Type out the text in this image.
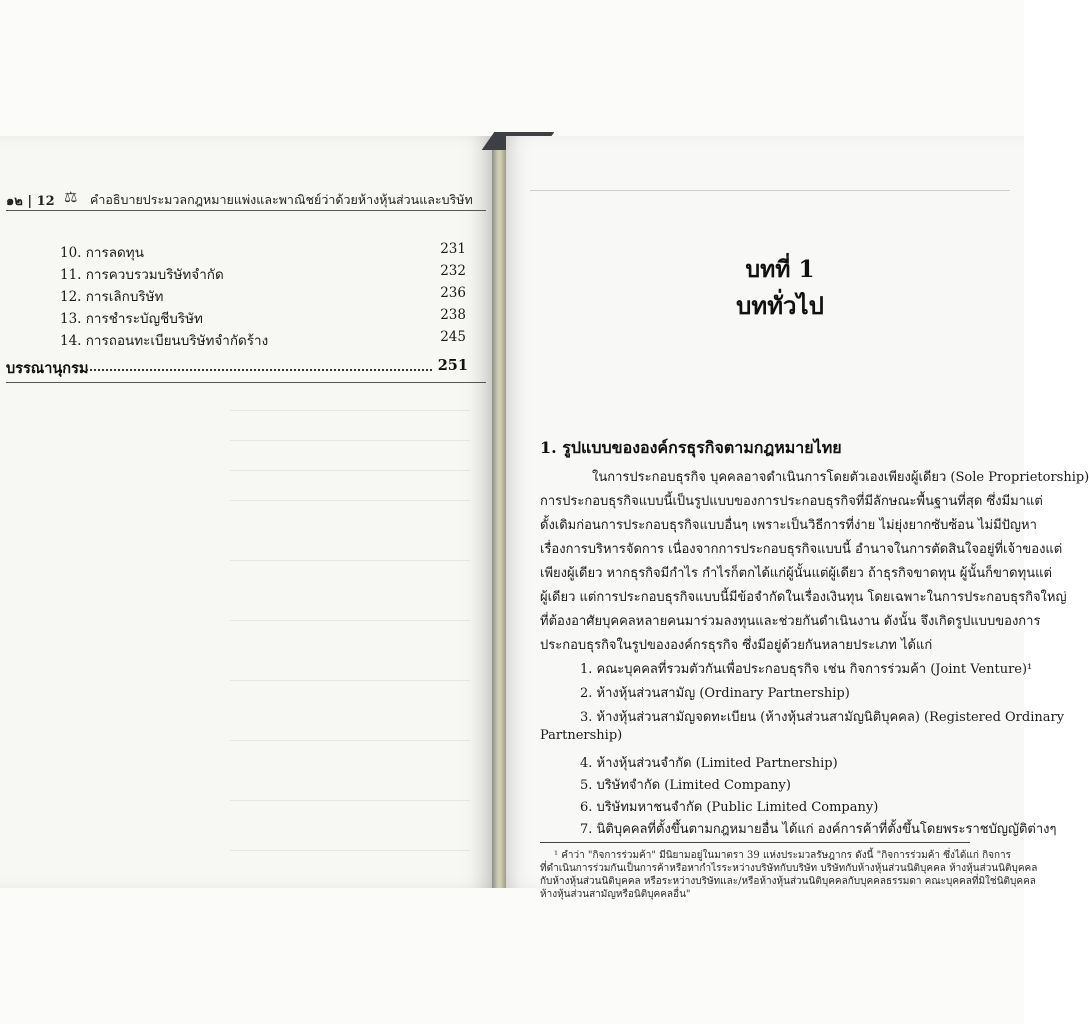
๑๒ | 12 ⚖ คำอธิบายประมวลกฎหมายแพ่งและพาณิชย์ว่าด้วยห้างหุ้นส่วนและบริษัท
10. การลดทุน	231
11. การควบรวมบริษัทจำกัด	232
12. การเลิกบริษัท	236
13. การชำระบัญชีบริษัท	238
14. การถอนทะเบียนบริษัทจำกัดร้าง	245
บรรณานุกรม	251
บทที่ 1
บททั่วไป
1. รูปแบบขององค์กรธุรกิจตามกฎหมายไทย
ในการประกอบธุรกิจ บุคคลอาจดำเนินการโดยตัวเองเพียงผู้เดียว (Sole Proprietorship)
การประกอบธุรกิจแบบนี้เป็นรูปแบบของการประกอบธุรกิจที่มีลักษณะพื้นฐานที่สุด ซึ่งมีมาแต่
ดั้งเดิมก่อนการประกอบธุรกิจแบบอื่นๆ เพราะเป็นวิธีการที่ง่าย ไม่ยุ่งยากซับซ้อน ไม่มีปัญหา
เรื่องการบริหารจัดการ เนื่องจากการประกอบธุรกิจแบบนี้ อำนาจในการตัดสินใจอยู่ที่เจ้าของแต่
เพียงผู้เดียว หากธุรกิจมีกำไร กำไรก็ตกได้แก่ผู้นั้นแต่ผู้เดียว ถ้าธุรกิจขาดทุน ผู้นั้นก็ขาดทุนแต่
ผู้เดียว แต่การประกอบธุรกิจแบบนี้มีข้อจำกัดในเรื่องเงินทุน โดยเฉพาะในการประกอบธุรกิจใหญ่
ที่ต้องอาศัยบุคคลหลายคนมาร่วมลงทุนและช่วยกันดำเนินงาน ดังนั้น จึงเกิดรูปแบบของการ
ประกอบธุรกิจในรูปขององค์กรธุรกิจ ซึ่งมีอยู่ด้วยกันหลายประเภท ได้แก่
1. คณะบุคคลที่รวมตัวกันเพื่อประกอบธุรกิจ เช่น กิจการร่วมค้า (Joint Venture)¹
2. ห้างหุ้นส่วนสามัญ (Ordinary Partnership)
3. ห้างหุ้นส่วนสามัญจดทะเบียน (ห้างหุ้นส่วนสามัญนิติบุคคล) (Registered Ordinary
Partnership)
4. ห้างหุ้นส่วนจำกัด (Limited Partnership)
5. บริษัทจำกัด (Limited Company)
6. บริษัทมหาชนจำกัด (Public Limited Company)
7. นิติบุคคลที่ตั้งขึ้นตามกฎหมายอื่น ได้แก่ องค์การค้าที่ตั้งขึ้นโดยพระราชบัญญัติต่างๆ
¹ คำว่า "กิจการร่วมค้า" มีนิยามอยู่ในมาตรา 39 แห่งประมวลรัษฎากร ดังนี้ "กิจการร่วมค้า ซึ่งได้แก่ กิจการ
ที่ดำเนินการร่วมกันเป็นการค้าหรือหากำไรระหว่างบริษัทกับบริษัท บริษัทกับห้างหุ้นส่วนนิติบุคคล ห้างหุ้นส่วนนิติบุคคล
กับห้างหุ้นส่วนนิติบุคคล หรือระหว่างบริษัทและ/หรือห้างหุ้นส่วนนิติบุคคลกับบุคคลธรรมดา คณะบุคคลที่มิใช่นิติบุคคล
ห้างหุ้นส่วนสามัญหรือนิติบุคคลอื่น"
